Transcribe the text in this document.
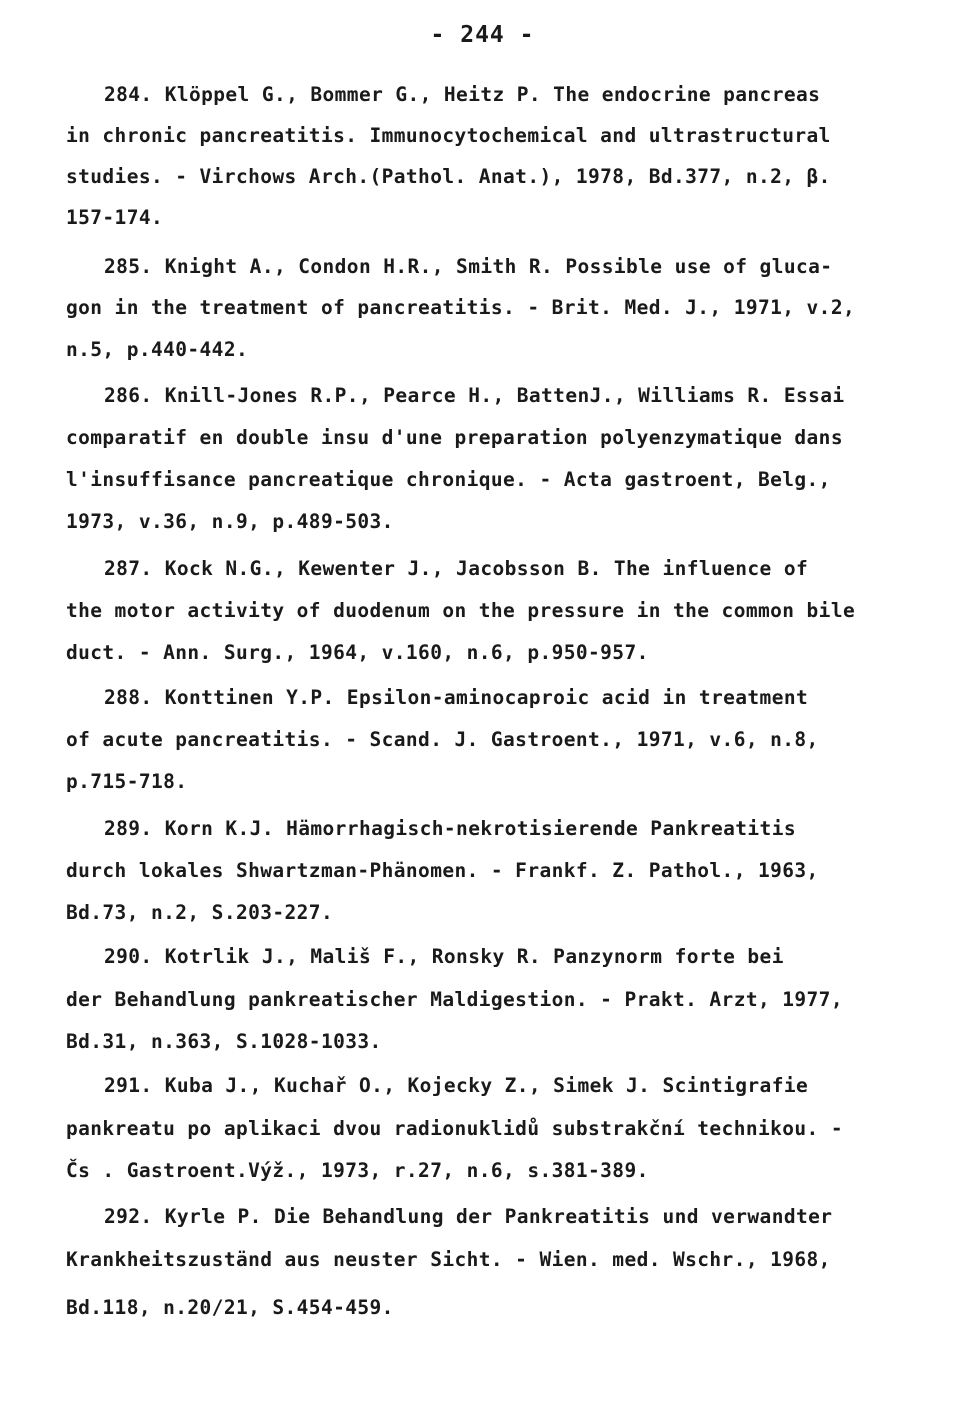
- 244 -
284. Klöppel G., Bommer G., Heitz P. The endocrine pancreas
in chronic pancreatitis. Immunocytochemical and ultrastructural
studies. - Virchows Arch.(Pathol. Anat.), 1978, Bd.377, n.2, β.
157-174.
285. Knight A., Condon H.R., Smith R. Possible use of gluca-
gon in the treatment of pancreatitis. - Brit. Med. J., 1971, v.2,
n.5, p.440-442.
286. Knill-Jones R.P., Pearce H., BattenJ., Williams R. Essai
comparatif en double insu d'une preparation polyenzymatique dans
l'insuffisance pancreatique chronique. - Acta gastroent, Belg.,
1973, v.36, n.9, p.489-503.
287. Kock N.G., Kewenter J., Jacobsson B. The influence of
the motor activity of duodenum on the pressure in the common bile
duct. - Ann. Surg., 1964, v.160, n.6, p.950-957.
288. Konttinen Y.P. Epsilon-aminocaproic acid in treatment
of acute pancreatitis. - Scand. J. Gastroent., 1971, v.6, n.8,
p.715-718.
289. Korn K.J. Hämorrhagisch-nekrotisierende Pankreatitis
durch lokales Shwartzman-Phänomen. - Frankf. Z. Pathol., 1963,
Bd.73, n.2, S.203-227.
290. Kotrlik J., Mališ F., Ronsky R. Panzynorm forte bei
der Behandlung pankreatischer Maldigestion. - Prakt. Arzt, 1977,
Bd.31, n.363, S.1028-1033.
291. Kuba J., Kuchař O., Kojecky Z., Simek J. Scintigrafie
pankreatu po aplikaci dvou radionuklidů substrakční technikou. -
Čs . Gastroent.Výž., 1973, r.27, n.6, s.381-389.
292. Kyrle P. Die Behandlung der Pankreatitis und verwandter
Krankheitszuständ aus neuster Sicht. - Wien. med. Wschr., 1968,
Bd.118, n.20/21, S.454-459.
